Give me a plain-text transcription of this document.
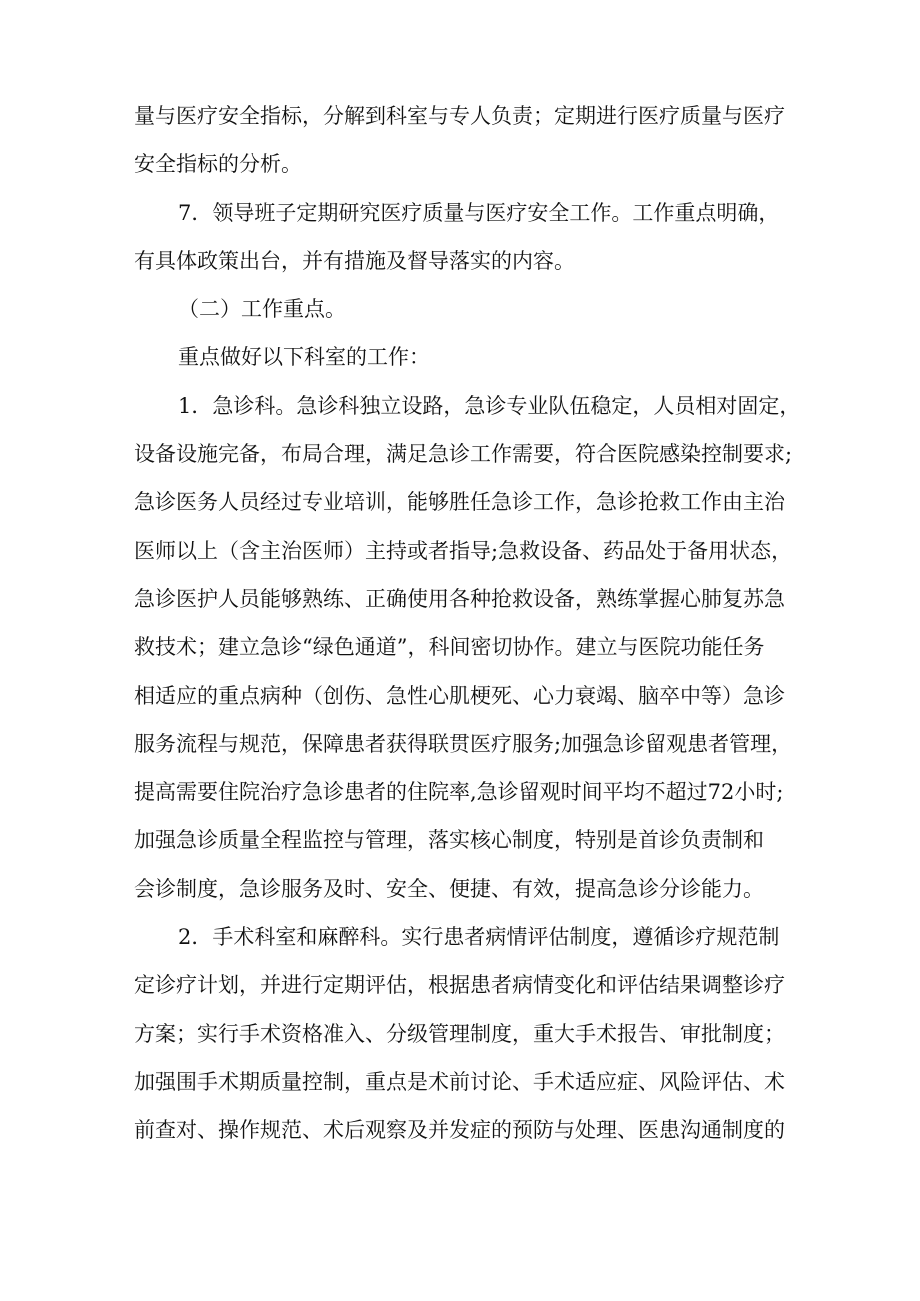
量与医疗安全指标，分解到科室与专人负责；定期进行医疗质量与医疗
安全指标的分析。
7．领导班子定期研究医疗质量与医疗安全工作。工作重点明确，
有具体政策出台，并有措施及督导落实的内容。
（二）工作重点。
重点做好以下科室的工作：
1．急诊科。急诊科独立设路，急诊专业队伍稳定，人员相对固定，
设备设施完备，布局合理，满足急诊工作需要，符合医院感染控制要求;
急诊医务人员经过专业培训，能够胜任急诊工作，急诊抢救工作由主治
医师以上（含主治医师）主持或者指导;急救设备、药品处于备用状态，
急诊医护人员能够熟练、正确使用各种抢救设备，熟练掌握心肺复苏急
救技术；建立急诊“绿色通道”，科间密切协作。建立与医院功能任务
相适应的重点病种（创伤、急性心肌梗死、心力衰竭、脑卒中等）急诊
服务流程与规范，保障患者获得联贯医疗服务;加强急诊留观患者管理，
提高需要住院治疗急诊患者的住院率,急诊留观时间平均不超过72小时;
加强急诊质量全程监控与管理，落实核心制度，特别是首诊负责制和
会诊制度，急诊服务及时、安全、便捷、有效，提高急诊分诊能力。
2．手术科室和麻醉科。实行患者病情评估制度，遵循诊疗规范制
定诊疗计划，并进行定期评估，根据患者病情变化和评估结果调整诊疗
方案；实行手术资格准入、分级管理制度，重大手术报告、审批制度；
加强围手术期质量控制，重点是术前讨论、手术适应症、风险评估、术
前查对、操作规范、术后观察及并发症的预防与处理、医患沟通制度的
